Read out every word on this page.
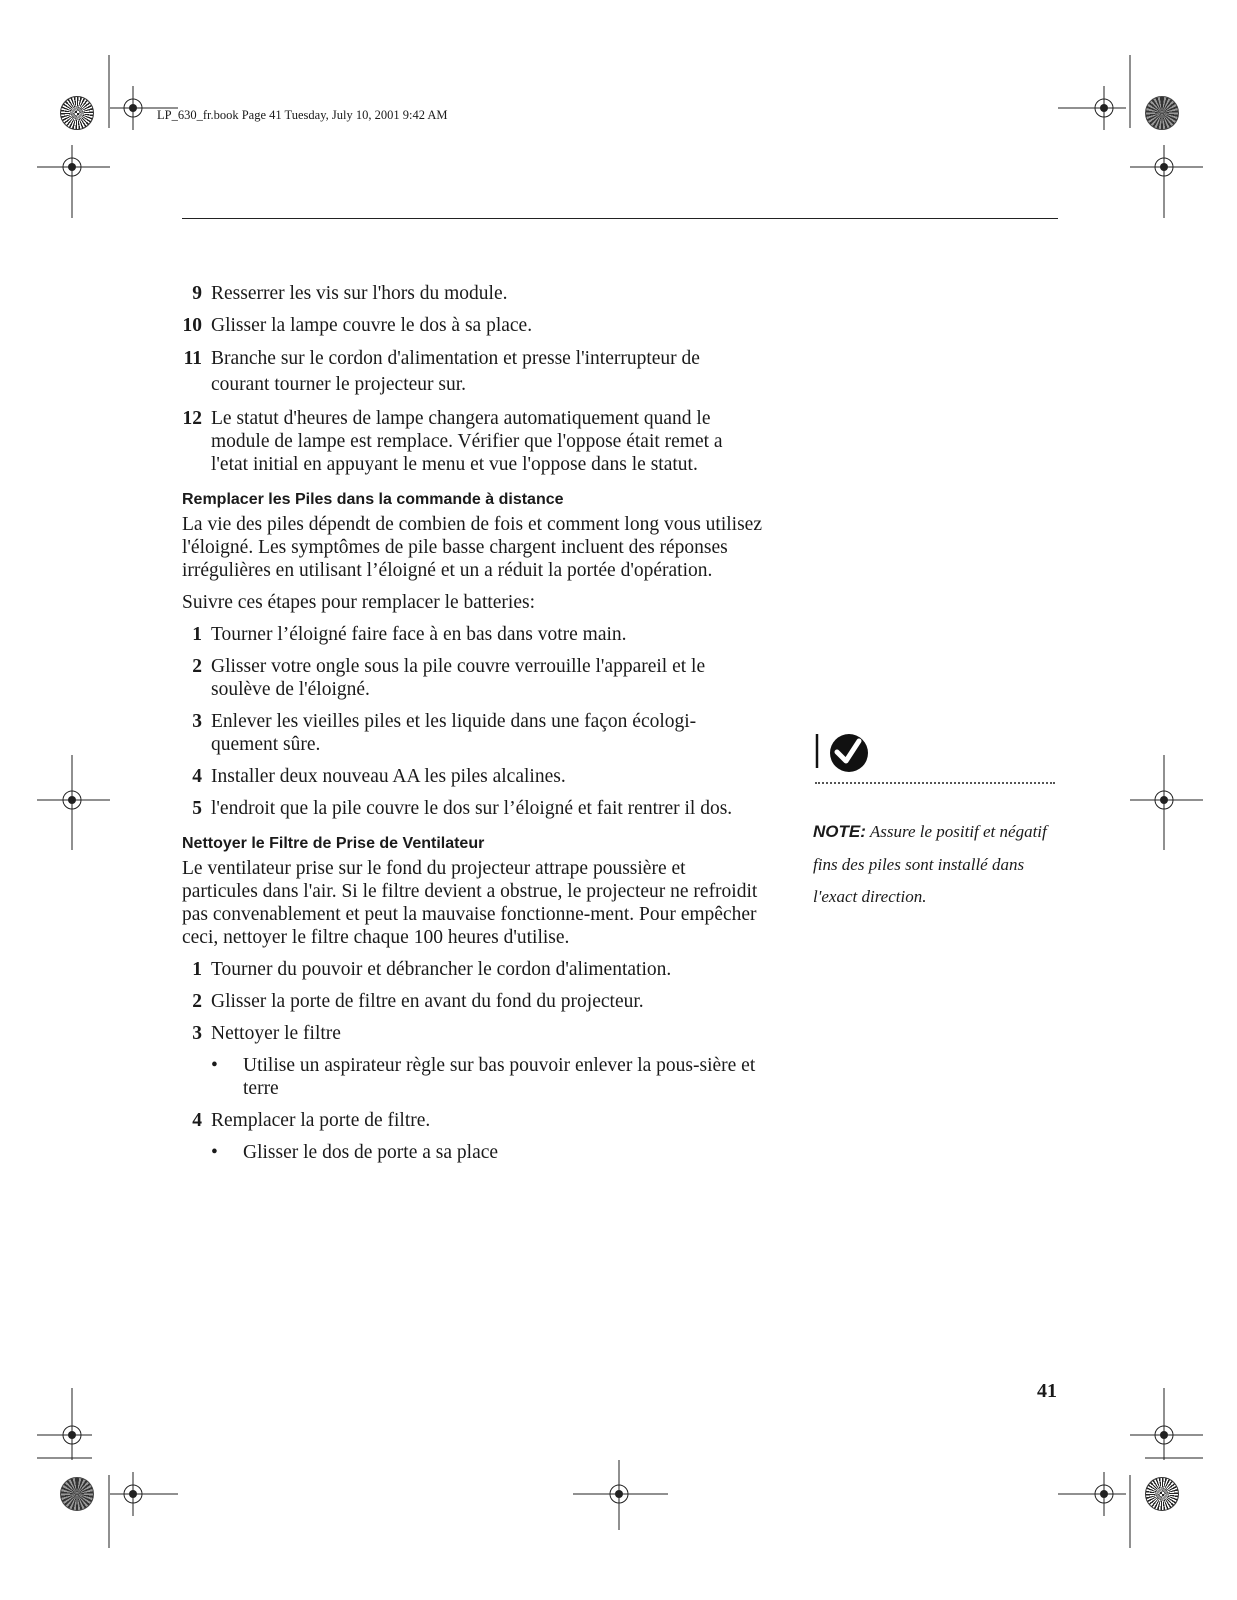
LP_630_fr.book Page 41 Tuesday, July 10, 2001 9:42 AM
9 Resserrer les vis sur l'hors du module.
10 Glisser la lampe couvre le dos à sa place.
11 Branche sur le cordon d'alimentation et presse l'interrupteur de courant tourner le projecteur sur.
12 Le statut d'heures de lampe changera automatiquement quand le module de lampe est remplace. Vérifier que l'oppose était remet a l'etat initial en appuyant le menu et vue l'oppose dans le statut.
Remplacer les Piles dans la commande à distance
La vie des piles dépendt de combien de fois et comment long vous utilisez l'éloigné. Les symptômes de pile basse chargent incluent des réponses irrégulières en utilisant l’éloigné et un a réduit la portée d'opération.
Suivre ces étapes pour remplacer le batteries:
1 Tourner l’éloigné faire face à en bas dans votre main.
2 Glisser votre ongle sous la pile couvre verrouille l'appareil et le soulève de l'éloigné.
3 Enlever les vieilles piles et les liquide dans une façon écologi-quement sûre.
4 Installer deux nouveau AA les piles alcalines.
5 l'endroit que la pile couvre le dos sur l’éloigné et fait rentrer il dos.
Nettoyer le Filtre de Prise de Ventilateur
Le ventilateur prise sur le fond du projecteur attrape poussière et particules dans l'air. Si le filtre devient a obstrue, le projecteur ne refroidit pas convenablement et peut la mauvaise fonctionne-ment. Pour empêcher ceci, nettoyer le filtre chaque 100 heures d'utilise.
1 Tourner du pouvoir et débrancher le cordon d'alimentation.
2 Glisser la porte de filtre en avant du fond du projecteur.
3 Nettoyer le filtre
• Utilise un aspirateur règle sur bas pouvoir enlever la pous-sière et terre
4 Remplacer la porte de filtre.
• Glisser le dos de porte a sa place
NOTE: Assure le positif et négatif fins des piles sont installé dans l'exact direction.
41
